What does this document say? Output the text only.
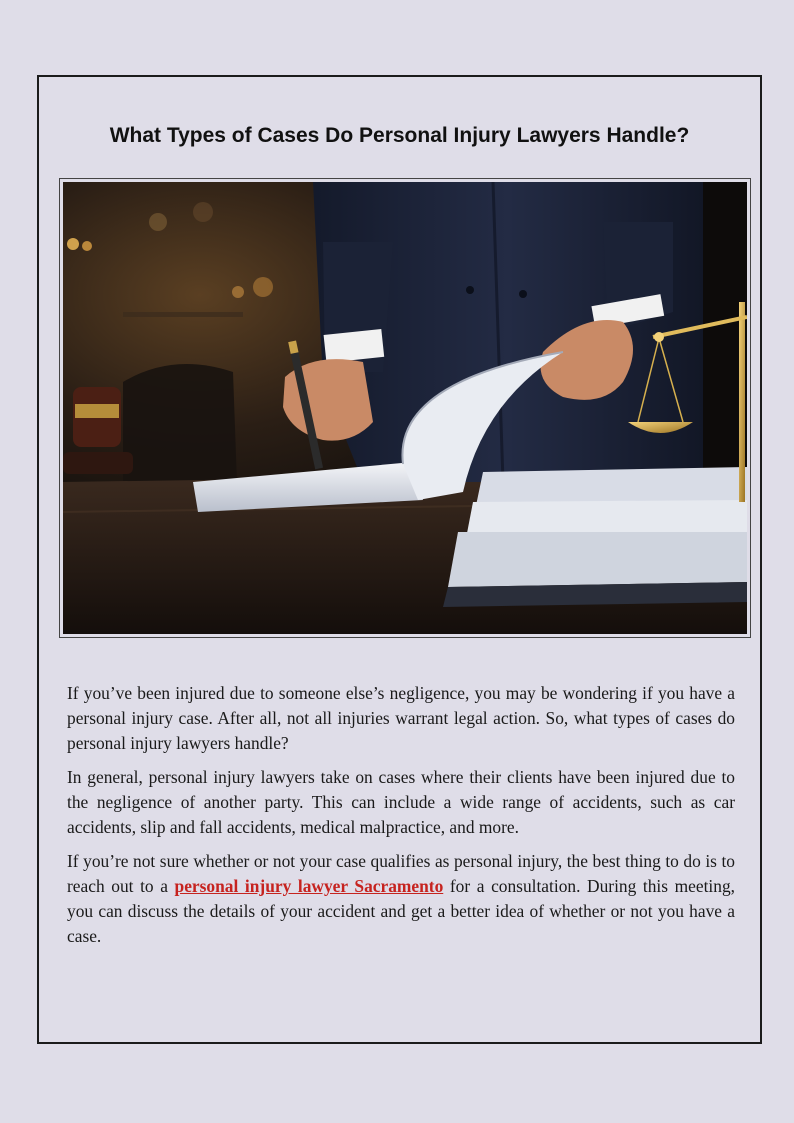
What Types of Cases Do Personal Injury Lawyers Handle?

If you’ve been injured due to someone else’s negligence, you may be wondering if you have a personal injury case. After all, not all injuries warrant legal action. So, what types of cases do personal injury lawyers handle?

In general, personal injury lawyers take on cases where their clients have been injured due to the negligence of another party. This can include a wide range of accidents, such as car accidents, slip and fall accidents, medical malpractice, and more.

If you’re not sure whether or not your case qualifies as personal injury, the best thing to do is to reach out to a personal injury lawyer Sacramento for a consultation. During this meeting, you can discuss the details of your accident and get a better idea of whether or not you have a case.
